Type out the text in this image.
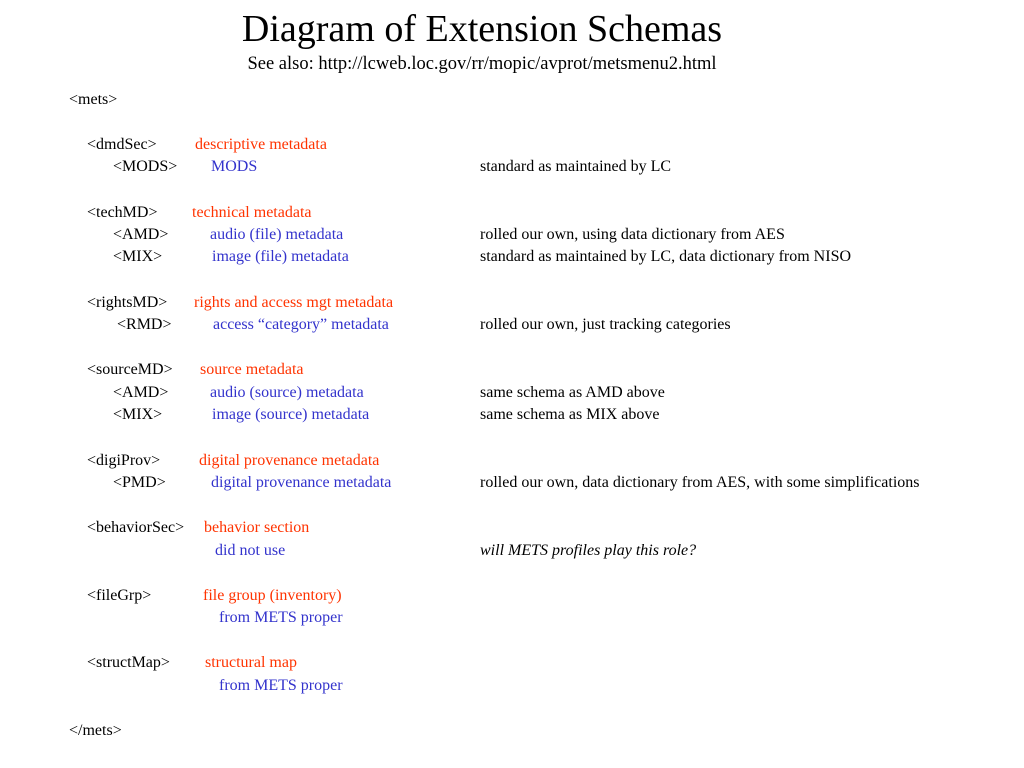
Diagram of Extension Schemas
See also: http://lcweb.loc.gov/rr/mopic/avprot/metsmenu2.html
<mets>
<dmdSec> descriptive metadata
<MODS> MODS	standard as maintained by LC
<techMD> technical metadata
<AMD>	audio (file) metadata	rolled our own, using data dictionary from AES
<MIX>	image (file) metadata	standard as maintained by LC, data dictionary from NISO
<rightsMD> rights and access mgt metadata
<RMD>	access “category” metadata	rolled our own, just tracking categories
<sourceMD> source metadata
<AMD>	audio (source) metadata	same schema as AMD above
<MIX>	image (source) metadata	same schema as MIX above
<digiProv> digital provenance metadata
<PMD>	digital provenance metadata	rolled our own, data dictionary from AES, with some simplifications
<behaviorSec> behavior section
did not use	will METS profiles play this role?
<fileGrp>	file group (inventory)
from METS proper
<structMap> structural map
from METS proper
</mets>
